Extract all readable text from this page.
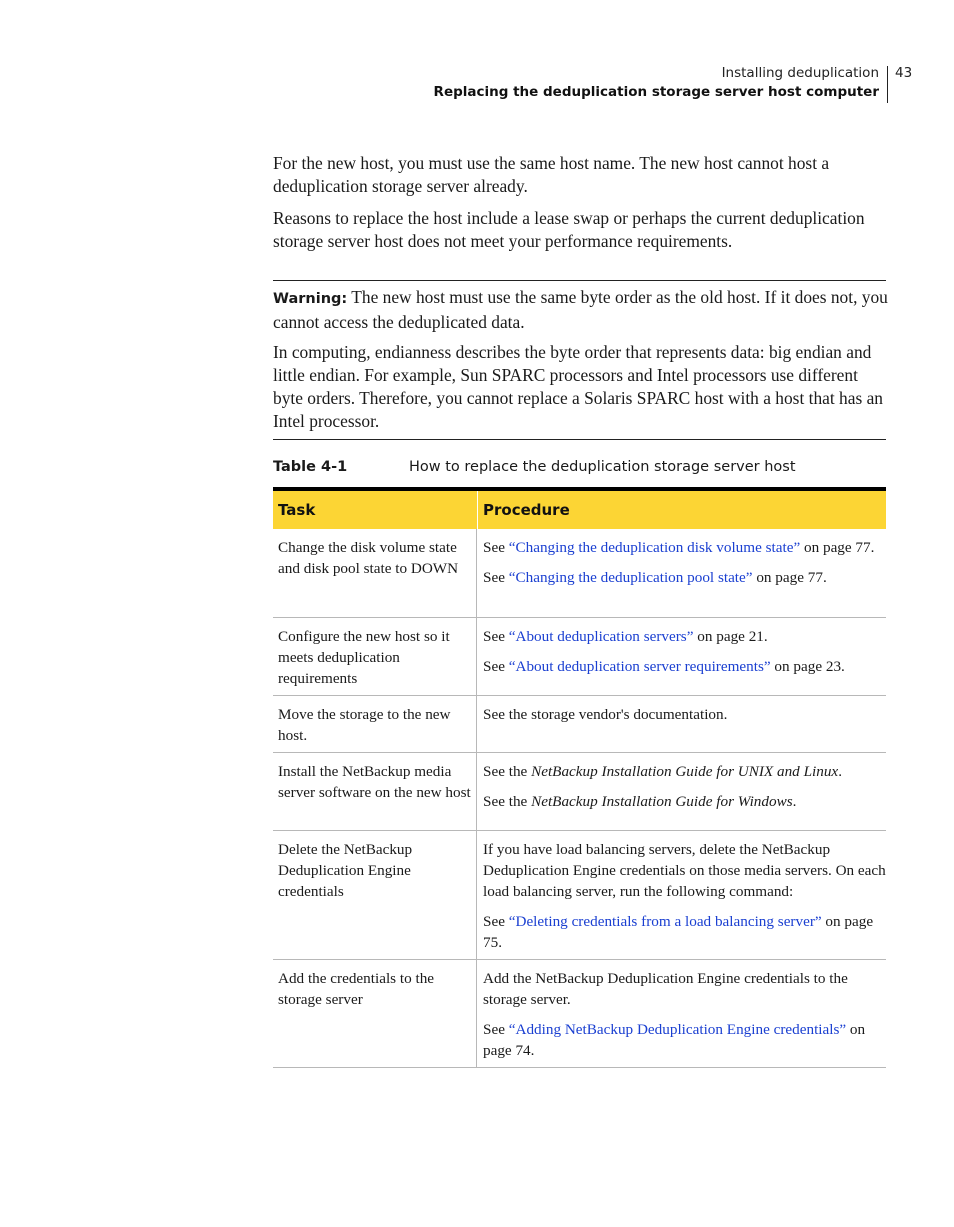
Installing deduplication
Replacing the deduplication storage server host computer
43

For the new host, you must use the same host name. The new host cannot host a deduplication storage server already.

Reasons to replace the host include a lease swap or perhaps the current deduplication storage server host does not meet your performance requirements.

Warning: The new host must use the same byte order as the old host. If it does not, you cannot access the deduplicated data.

In computing, endianness describes the byte order that represents data: big endian and little endian. For example, Sun SPARC processors and Intel processors use different byte orders. Therefore, you cannot replace a Solaris SPARC host with a host that has an Intel processor.

Table 4-1	How to replace the deduplication storage server host
Task	Procedure
Change the disk volume state and disk pool state to DOWN

See “Changing the deduplication disk volume state” on page 77.

See “Changing the deduplication pool state” on page 77.

Configure the new host so it meets deduplication requirements

See “About deduplication servers” on page 21.

See “About deduplication server requirements” on page 23.

Move the storage to the new host.

See the storage vendor's documentation.

Install the NetBackup media server software on the new host

See the NetBackup Installation Guide for UNIX and Linux.

See the NetBackup Installation Guide for Windows.

Delete the NetBackup Deduplication Engine credentials

If you have load balancing servers, delete the NetBackup Deduplication Engine credentials on those media servers. On each load balancing server, run the following command:

See “Deleting credentials from a load balancing server” on page 75.

Add the credentials to the storage server

Add the NetBackup Deduplication Engine credentials to the storage server.

See “Adding NetBackup Deduplication Engine credentials” on page 74.
